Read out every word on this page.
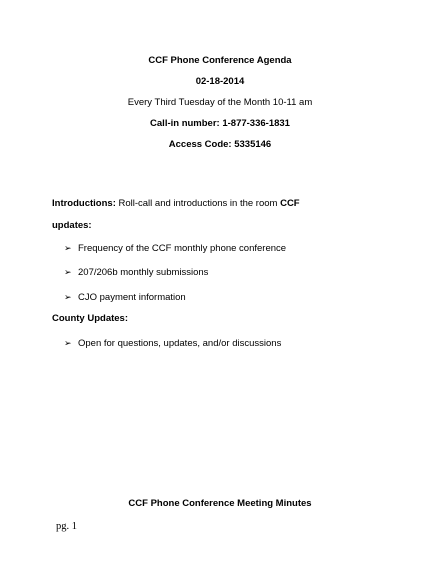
CCF Phone Conference Agenda
02-18-2014
Every Third Tuesday of the Month 10-11 am
Call-in number: 1-877-336-1831
Access Code: 5335146
Introductions: Roll-call and introductions in the room CCF
updates:
➢ Frequency of the CCF monthly phone conference
➢ 207/206b monthly submissions
➢ CJO payment information
County Updates:
➢ Open for questions, updates, and/or discussions
CCF Phone Conference Meeting Minutes
pg. 1
